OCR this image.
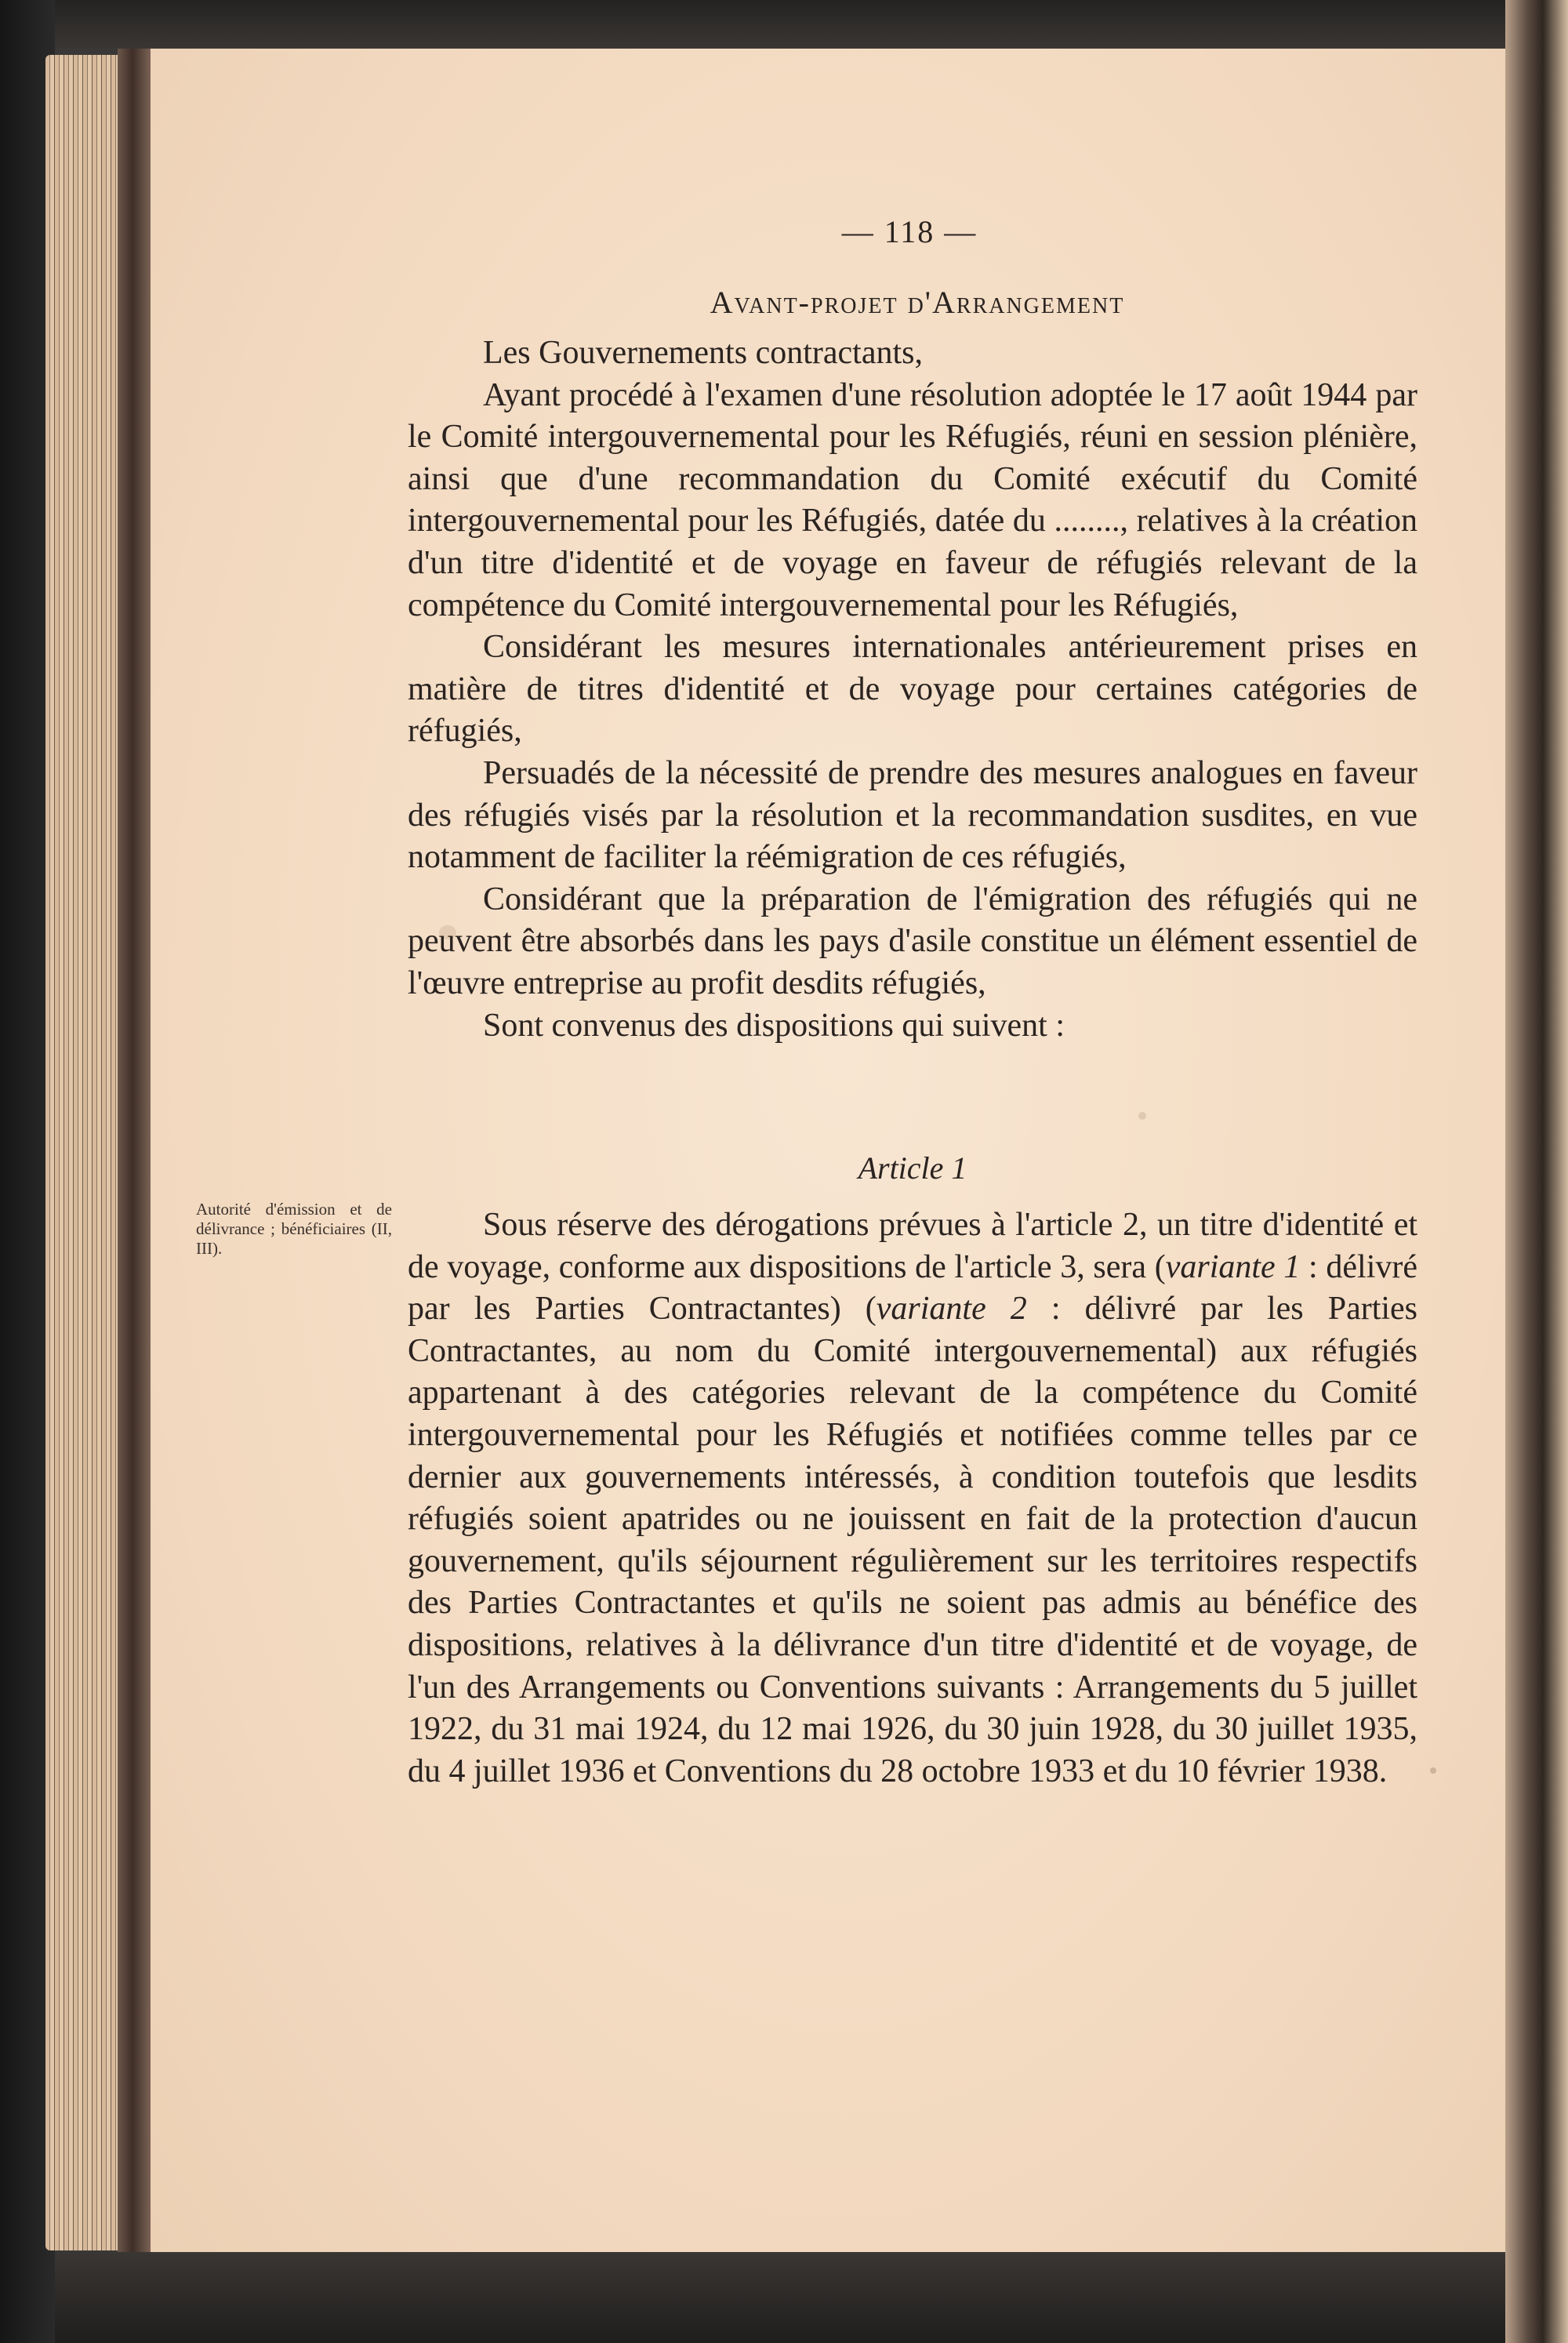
— 118 —
Avant-projet d'Arrangement

Les Gouvernements contractants,

Ayant procédé à l'examen d'une résolution adoptée le 17 août 1944 par le Comité intergouvernemental pour les Réfugiés, réuni en session plénière, ainsi que d'une recommandation du Comité exécutif du Comité intergouvernemental pour les Réfugiés, datée du ........, relatives à la création d'un titre d'identité et de voyage en faveur de réfugiés relevant de la compétence du Comité intergouvernemental pour les Réfugiés,

Considérant les mesures internationales antérieurement prises en matière de titres d'identité et de voyage pour certaines catégories de réfugiés,

Persuadés de la nécessité de prendre des mesures analogues en faveur des réfugiés visés par la résolution et la recommandation susdites, en vue notamment de faciliter la réémigration de ces réfugiés,

Considérant que la préparation de l'émigration des réfugiés qui ne peuvent être absorbés dans les pays d'asile constitue un élément essentiel de l'œuvre entreprise au profit desdits réfugiés,

Sont convenus des dispositions qui suivent :

Article 1
Autorité d'émission et de délivrance ; bénéficiaires (II, III).

Sous réserve des dérogations prévues à l'article 2, un titre d'identité et de voyage, conforme aux dispositions de l'article 3, sera (variante 1 : délivré par les Parties Contractantes) (variante 2 : délivré par les Parties Contractantes, au nom du Comité intergouvernemental) aux réfugiés appartenant à des catégories relevant de la compétence du Comité intergouvernemental pour les Réfugiés et notifiées comme telles par ce dernier aux gouvernements intéressés, à condition toutefois que lesdits réfugiés soient apatrides ou ne jouissent en fait de la protection d'aucun gouvernement, qu'ils séjournent régulièrement sur les territoires respectifs des Parties Contractantes et qu'ils ne soient pas admis au bénéfice des dispositions, relatives à la délivrance d'un titre d'identité et de voyage, de l'un des Arrangements ou Conventions suivants : Arrangements du 5 juillet 1922, du 31 mai 1924, du 12 mai 1926, du 30 juin 1928, du 30 juillet 1935, du 4 juillet 1936 et Conventions du 28 octobre 1933 et du 10 février 1938.
